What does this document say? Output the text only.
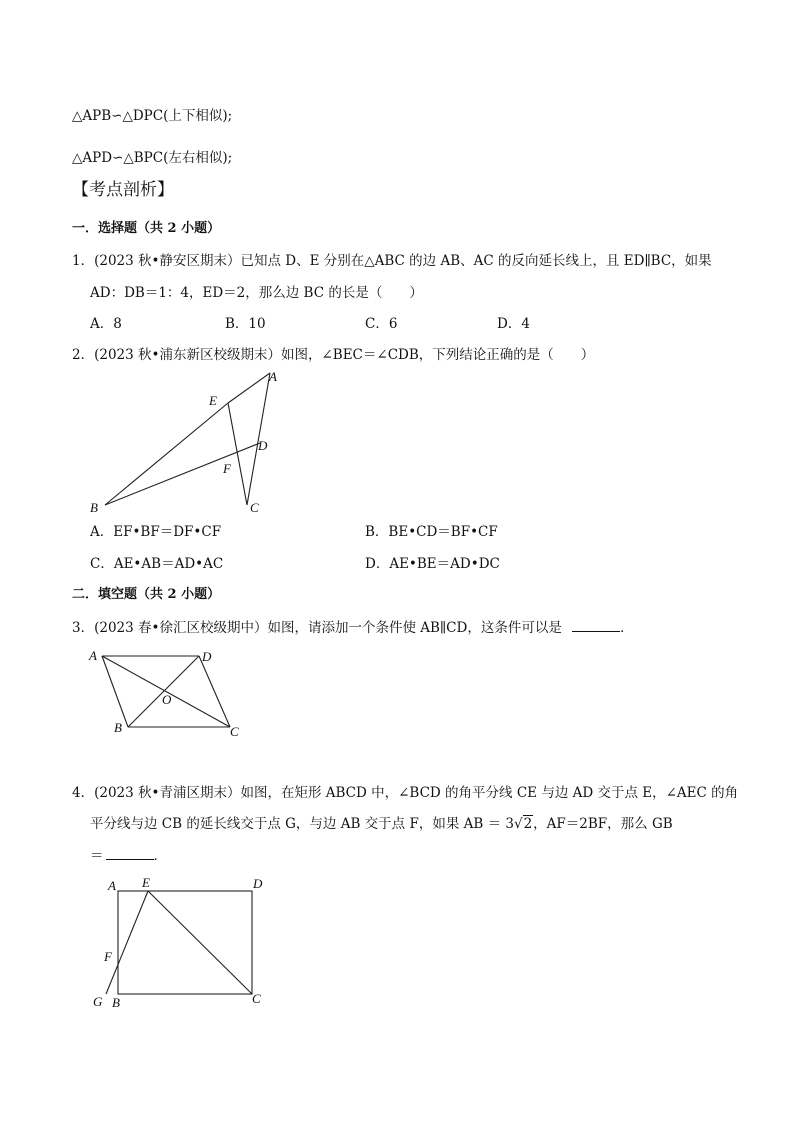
△APB∽△DPC(上下相似);
△APD∽△BPC(左右相似);
【考点剖析】
一．选择题（共 2 小题）
1．(2023 秋•静安区期末）已知点 D、E 分别在△ABC 的边 AB、AC 的反向延长线上，且 ED∥BC，如果
AD：DB＝1：4，ED＝2，那么边 BC 的长是（　　）
A．8	B．10	C．6	D．4
2．(2023 秋•浦东新区校级期末）如图，∠BEC＝∠CDB，下列结论正确的是（　　）
A
E
D
F
B	C
A．EF•BF＝DF•CF	B．BE•CD＝BF•CF
C．AE•AB＝AD•AC	D．AE•BE＝AD•DC
二．填空题（共 2 小题）
3．(2023 春•徐汇区校级期中）如图，请添加一个条件使 AB∥CD，这条件可以是	．
A	D
O
B	C
4．(2023 秋•青浦区期末）如图，在矩形 ABCD 中，∠BCD 的角平分线 CE 与边 AD 交于点 E，∠AEC 的角
平分线与边 CB 的延长线交于点 G，与边 AB 交于点 F，如果 AB ＝ 3√2，AF＝2BF，那么 GB
＝	．
A E	D
F
G B	C
